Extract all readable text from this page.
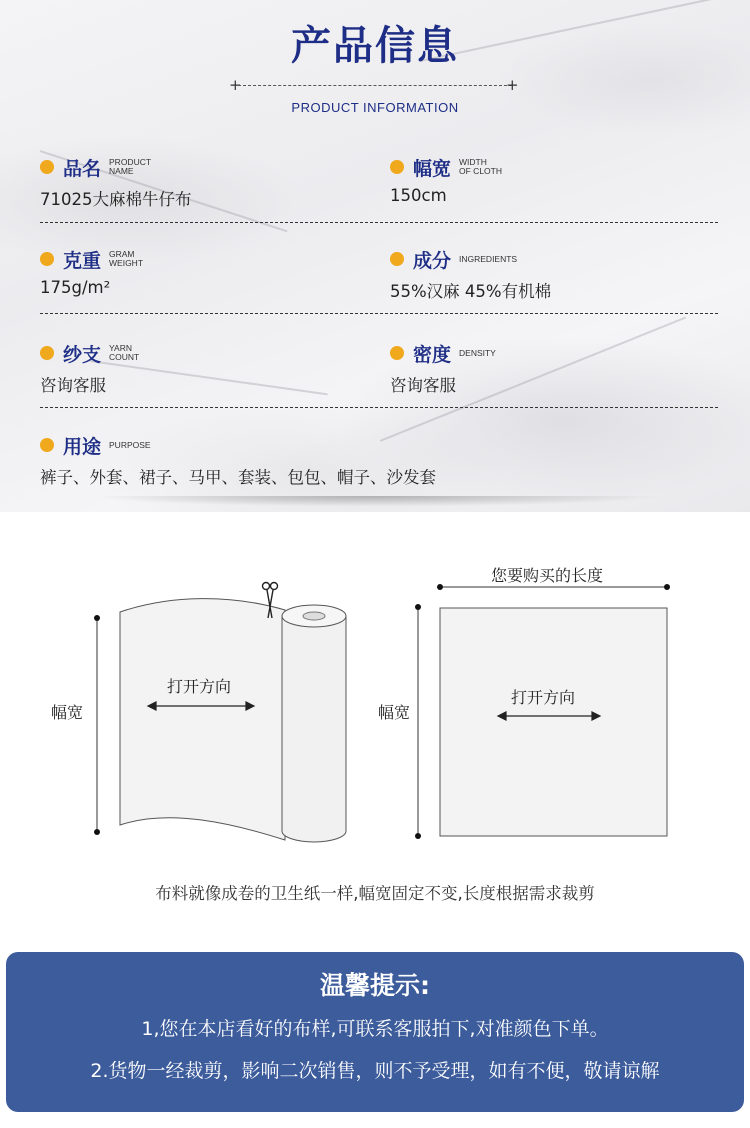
产品信息
+	+
PRODUCT INFORMATION
品名 PRODUCT
NAME
71025大麻棉牛仔布
幅宽 WIDTH
OF CLOTH
150cm
克重 GRAM
WEIGHT
175g/m²
成分 INGREDIENTS
55%汉麻 45%有机棉
纱支 YARN
COUNT
咨询客服
密度 DENSITY
咨询客服
用途 PURPOSE
裤子、外套、裙子、马甲、套装、包包、帽子、沙发套
幅宽
打开方向
您要购买的长度
幅宽
打开方向

布料就像成卷的卫生纸一样,幅宽固定不变,长度根据需求裁剪

温馨提示:
1,您在本店看好的布样,可联系客服拍下,对准颜色下单。
2.货物一经裁剪，影响二次销售，则不予受理，如有不便，敬请谅解
